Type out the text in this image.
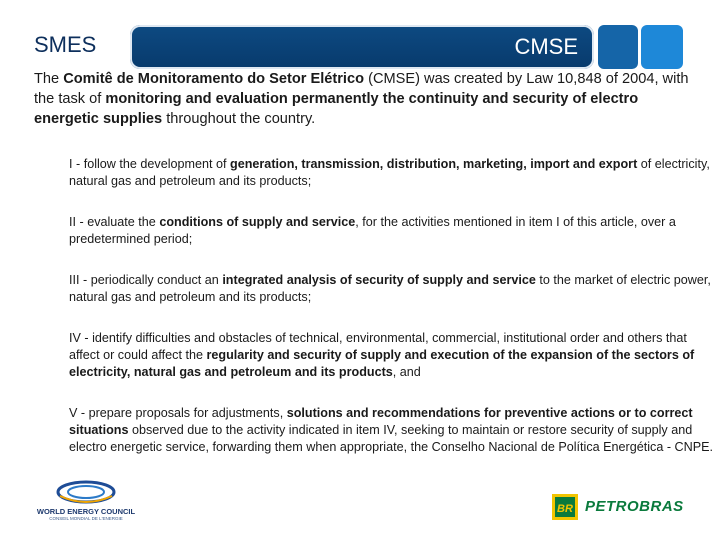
SMES	CMSE
The Comitê de Monitoramento do Setor Elétrico (CMSE) was created by Law 10,848 of 2004, with the task of monitoring and evaluation permanently the continuity and security of electro energetic supplies throughout the country.
I - follow the development of generation, transmission, distribution, marketing, import and export of electricity, natural gas and petroleum and its products;
II - evaluate the conditions of supply and service, for the activities mentioned in item I of this article, over a predetermined period;
III - periodically conduct an integrated analysis of security of supply and service to the market of electric power, natural gas and petroleum and its products;
IV - identify difficulties and obstacles of technical, environmental, commercial, institutional order and others that affect or could affect the regularity and security of supply and execution of the expansion of the sectors of electricity, natural gas and petroleum and its products, and
V - prepare proposals for adjustments, solutions and recommendations for preventive actions or to correct situations observed due to the activity indicated in item IV, seeking to maintain or restore security of supply and electro energetic service, forwarding them when appropriate, the Conselho Nacional de Política Energética - CNPE.
WORLD ENERGY COUNCIL
CONSEIL MONDIAL DE L'ENERGIE
BR PETROBRAS
